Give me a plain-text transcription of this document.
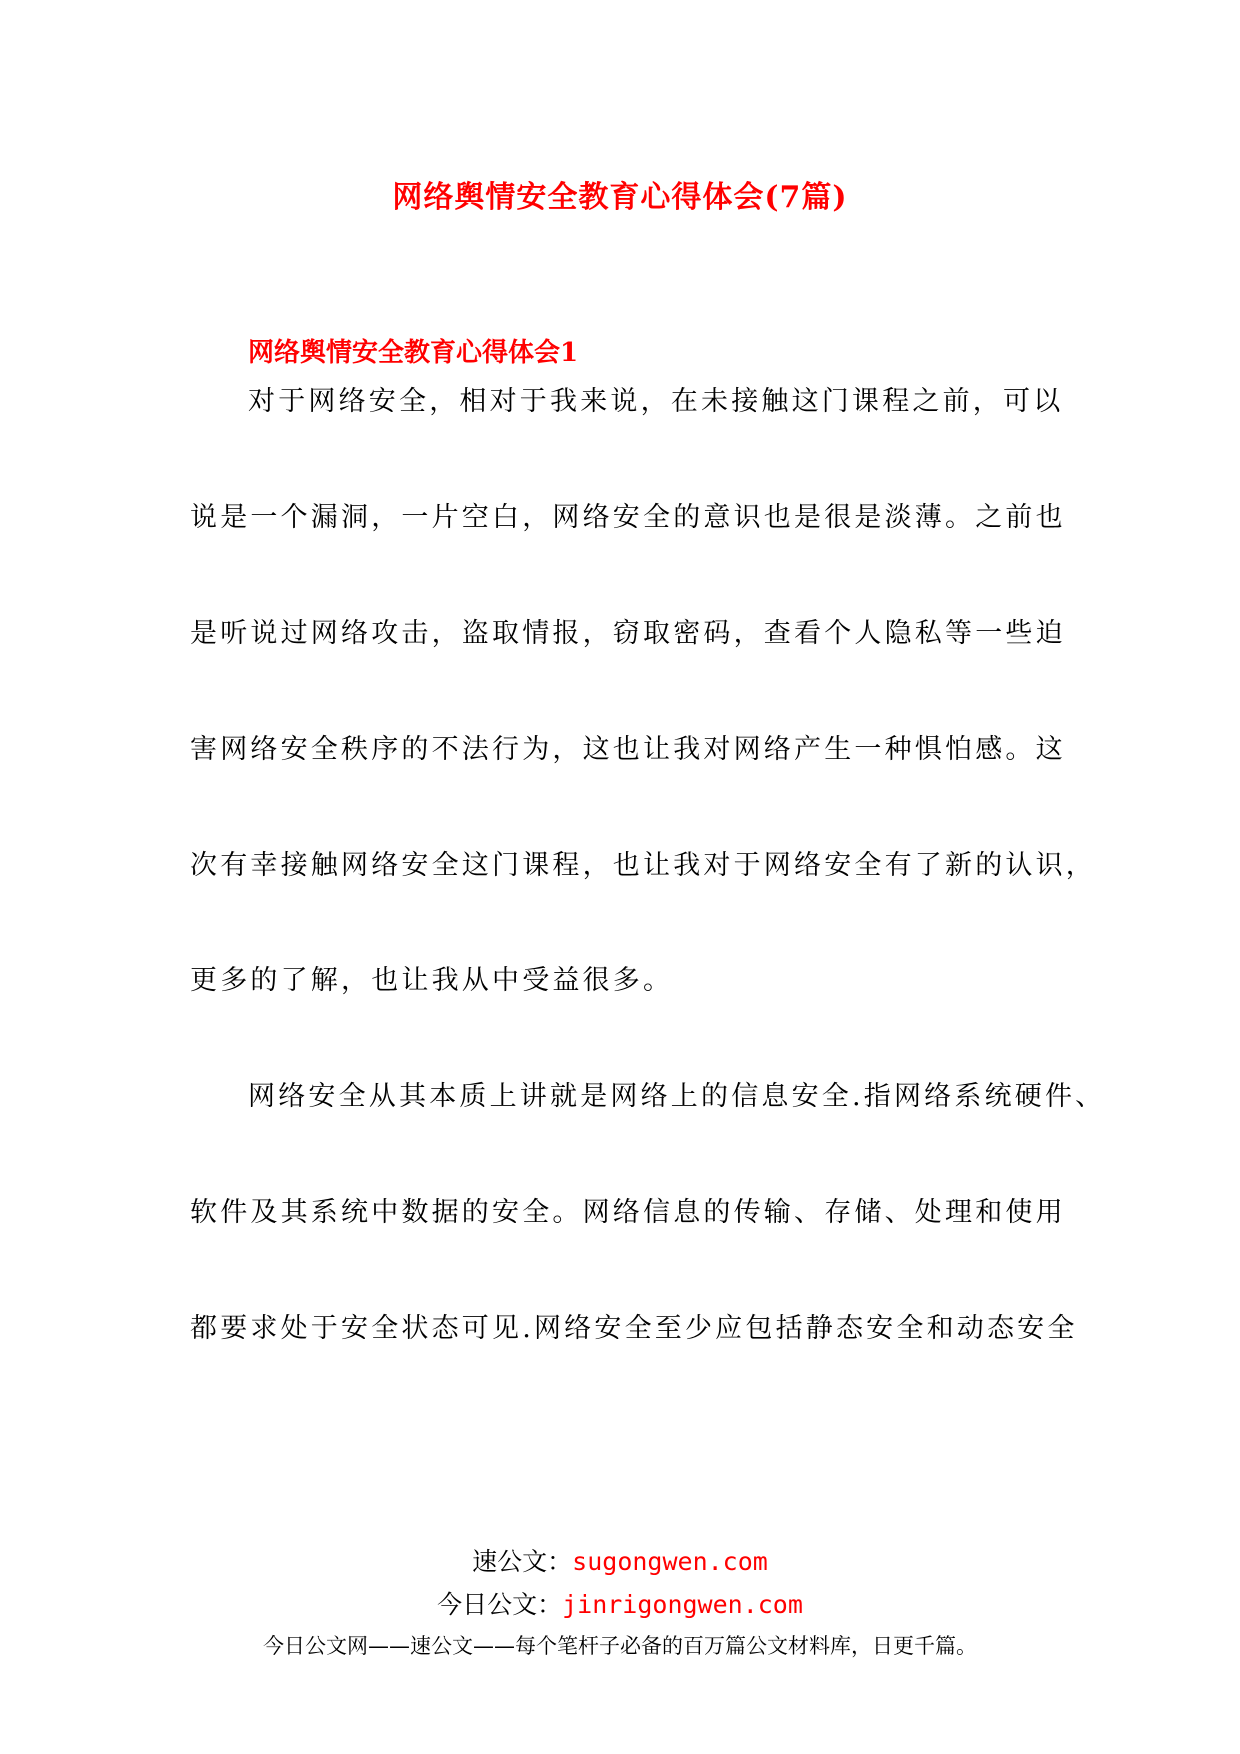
网络舆情安全教育心得体会(7篇)
网络舆情安全教育心得体会1
对于网络安全，相对于我来说，在未接触这门课程之前，可以
说是一个漏洞，一片空白，网络安全的意识也是很是淡薄。之前也
是听说过网络攻击，盗取情报，窃取密码，查看个人隐私等一些迫
害网络安全秩序的不法行为，这也让我对网络产生一种惧怕感。这
次有幸接触网络安全这门课程，也让我对于网络安全有了新的认识，
更多的了解，也让我从中受益很多。
网络安全从其本质上讲就是网络上的信息安全.指网络系统硬件、
软件及其系统中数据的安全。网络信息的传输、存储、处理和使用
都要求处于安全状态可见.网络安全至少应包括静态安全和动态安全
速公文：sugongwen.com
今日公文：jinrigongwen.com
今日公文网——速公文——每个笔杆子必备的百万篇公文材料库，日更千篇。
